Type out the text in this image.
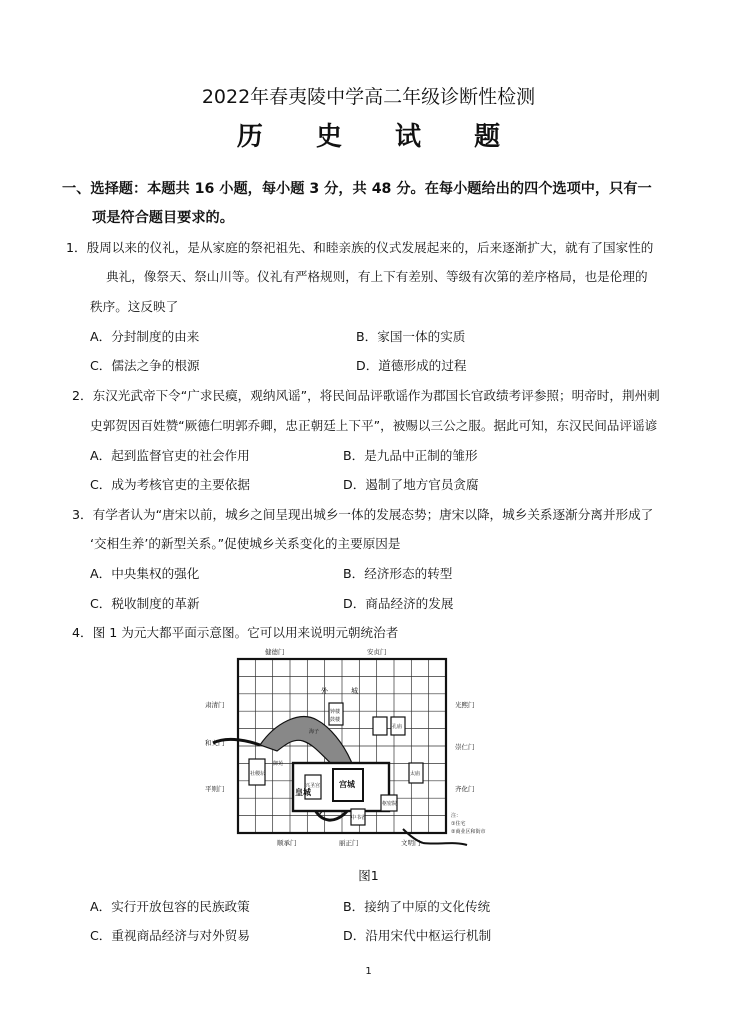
2022年春夷陵中学高二年级诊断性检测
历 史 试 题
一、选择题：本题共 16 小题，每小题 3 分，共 48 分。在每小题给出的四个选项中，只有一
项是符合题目要求的。
1．殷周以来的仪礼，是从家庭的祭祀祖先、和睦亲族的仪式发展起来的，后来逐渐扩大，就有了国家性的
典礼，像祭天、祭山川等。仪礼有严格规则，有上下有差别、等级有次第的差序格局，也是伦理的
秩序。这反映了
A．分封制度的由来	B．家国一体的实质
C．儒法之争的根源	D．道德形成的过程
2．东汉光武帝下令“广求民瘼，观纳风谣”，将民间品评歌谣作为郡国长官政绩考评参照；明帝时，荆州刺
史郭贺因百姓赞“厥德仁明郭乔卿，忠正朝廷上下平”，被赐以三公之服。据此可知，东汉民间品评谣谚
A．起到监督官吏的社会作用	B．是九品中正制的雏形
C．成为考核官吏的主要依据	D．遏制了地方官员贪腐
3．有学者认为“唐宋以前，城乡之间呈现出城乡一体的发展态势；唐宋以降，城乡关系逐渐分离并形成了
‘交相生养’的新型关系。”促使城乡关系变化的主要原因是
A．中央集权的强化	B．经济形态的转型
C．税收制度的革新	D．商品经济的发展
4．图 1 为元大都平面示意图。它可以用来说明元朝统治者
健德门	安贞门
肃清门	光熙门
和义门	崇仁门
平则门	齐化门
顺承门	丽正门	文明门
外	城
钟楼
鼓楼
孔庙
海子
社稷坛
兴圣宫
太庙
御苑
中书省
枢密院
皇城
宫城
注：
①住宅
②商业区和街市
图1
A．实行开放包容的民族政策	B．接纳了中原的文化传统
C．重视商品经济与对外贸易	D．沿用宋代中枢运行机制
1
